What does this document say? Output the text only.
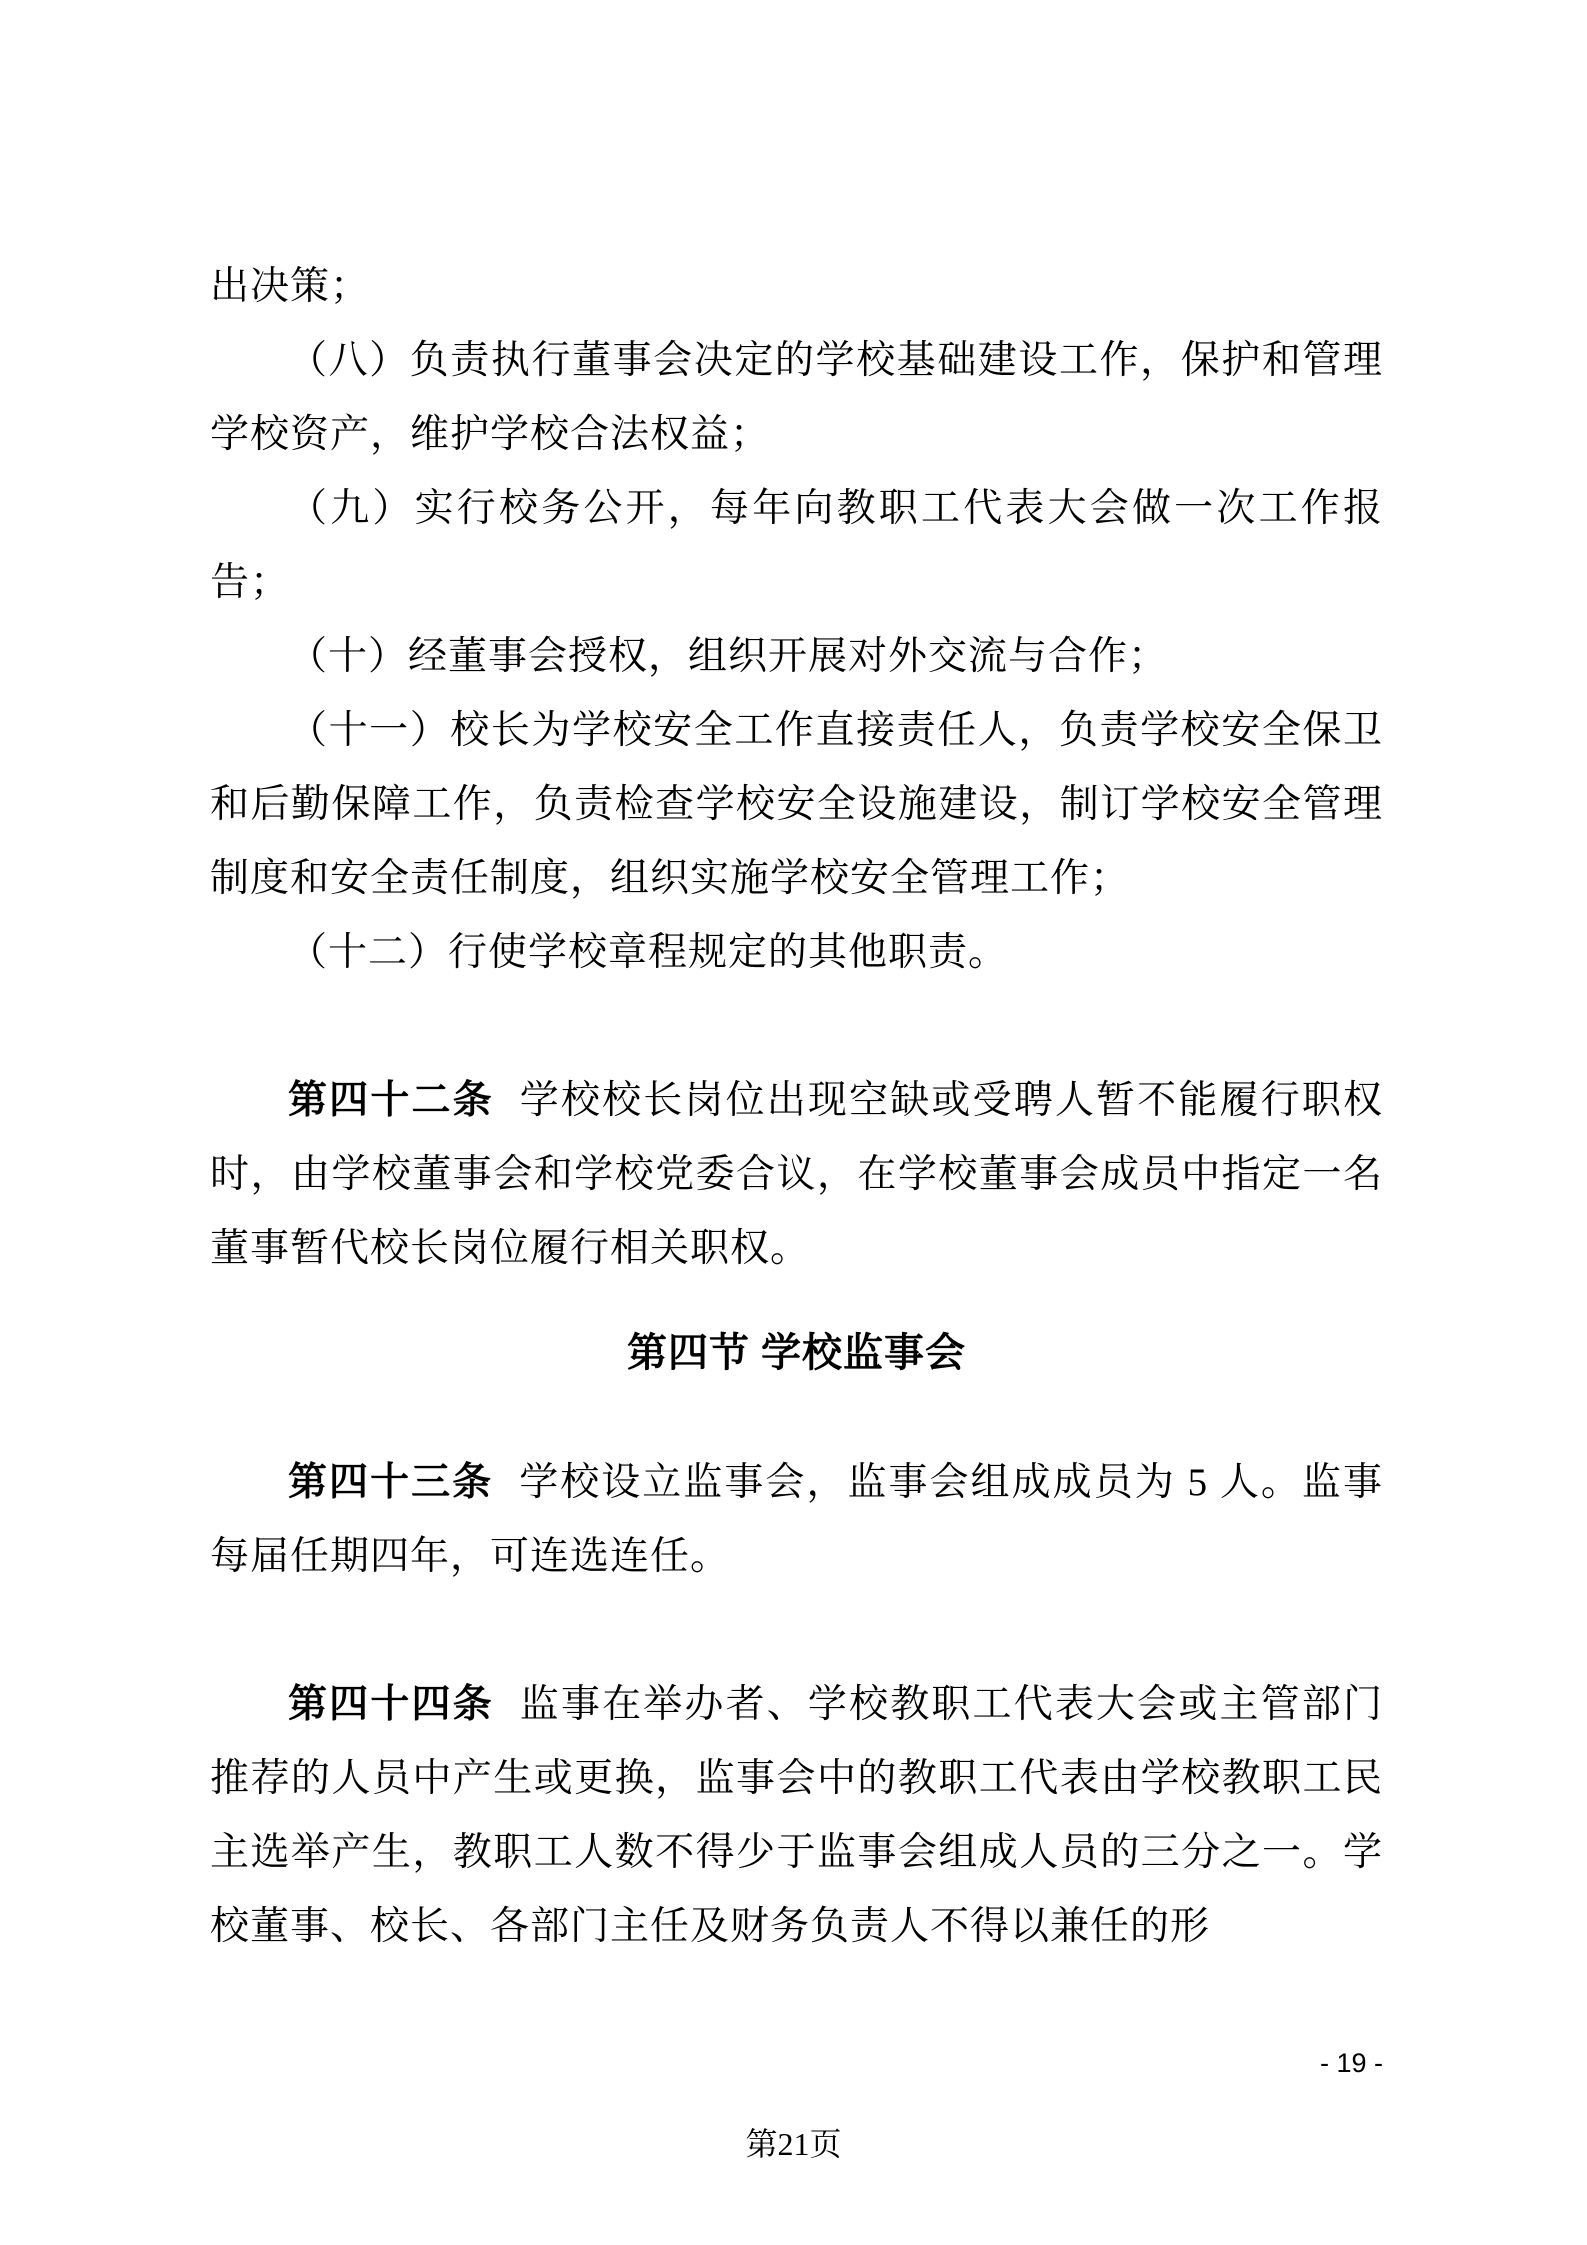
出决策；

（八）负责执行董事会决定的学校基础建设工作，保护和管理学校资产，维护学校合法权益；

（九）实行校务公开，每年向教职工代表大会做一次工作报告；

（十）经董事会授权，组织开展对外交流与合作；

（十一）校长为学校安全工作直接责任人，负责学校安全保卫和后勤保障工作，负责检查学校安全设施建设，制订学校安全管理制度和安全责任制度，组织实施学校安全管理工作；

（十二）行使学校章程规定的其他职责。

第四十二条 学校校长岗位出现空缺或受聘人暂不能履行职权时，由学校董事会和学校党委合议，在学校董事会成员中指定一名董事暂代校长岗位履行相关职权。

第四节 学校监事会

第四十三条 学校设立监事会，监事会组成成员为 5 人。监事每届任期四年，可连选连任。

第四十四条 监事在举办者、学校教职工代表大会或主管部门推荐的人员中产生或更换，监事会中的教职工代表由学校教职工民主选举产生，教职工人数不得少于监事会组成人员的三分之一。学校董事、校长、各部门主任及财务负责人不得以兼任的形

- 19 -
第21页
